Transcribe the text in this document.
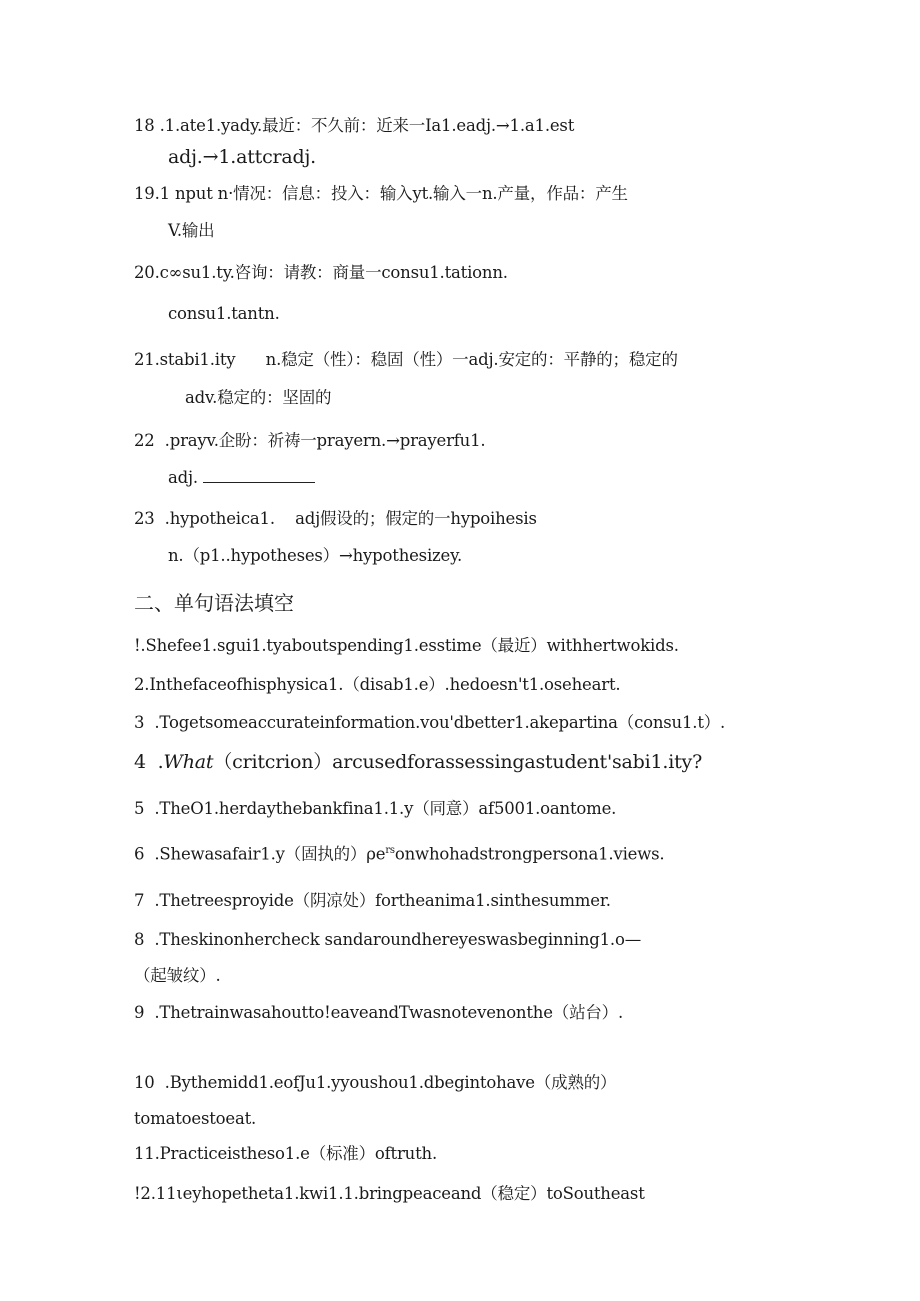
18 .1.ate1.yady.最近：不久前：近来一Ia1.eadj.→1.a1.est
adj.→1.attcradj.
19.1 nput n·情况：信息：投入：输入yt.输入一n.产量，作品：产生
V.输出
20.c∞su1.ty.咨询：请教：商量一consu1.tationn.
consu1.tantn.
21.stabi1.ity      n.稳定（性）：稳固（性）一adj.安定的：平静的；稳定的
adv.稳定的：坚固的
22  .prayv.企盼：祈祷一prayern.→prayerfu1.
adj.
23  .hypotheica1.    adj假设的；假定的一hypoihesis
n.（p1..hypotheses）→hypothesizey.
二、单句语法填空
!.Shefee1.sgui1.tyaboutspending1.esstime（最近）withhertwokids.
2.Inthefaceofhisphysica1.（disab1.e）.hedoesn't1.oseheart.
3  .Togetsomeaccurateinformation.vou'dbetter1.akepartina（consu1.t）.
4  .What（critcrion）arcusedforassessingastudent'sabi1.ity?
5  .TheO1.herdaythebankfina1.1.y（同意）af5001.oantome.
6  .Shewasafair1.y（固执的）$\rho e^{rs}onwhohadstrongpersona1.views$.
7  .Thetreesproyide（阴凉处）fortheanima1.sinthesummer.
8  .Theskinonhercheck sandaroundhereyeswasbeginning1.o—
（起皱纹）.
9  .Thetrainwasahoutto!eaveandTwasnotevenonthe（站台）.
10  .Bythemidd1.eofJu1.yyoushou1.dbegintohave（成熟的）
tomatoestoeat.
11.Practiceistheso1.e（标准）oftruth.
!2.11ιeyhopetheta1.kwi1.1.bringpeaceand（稳定）toSoutheast
